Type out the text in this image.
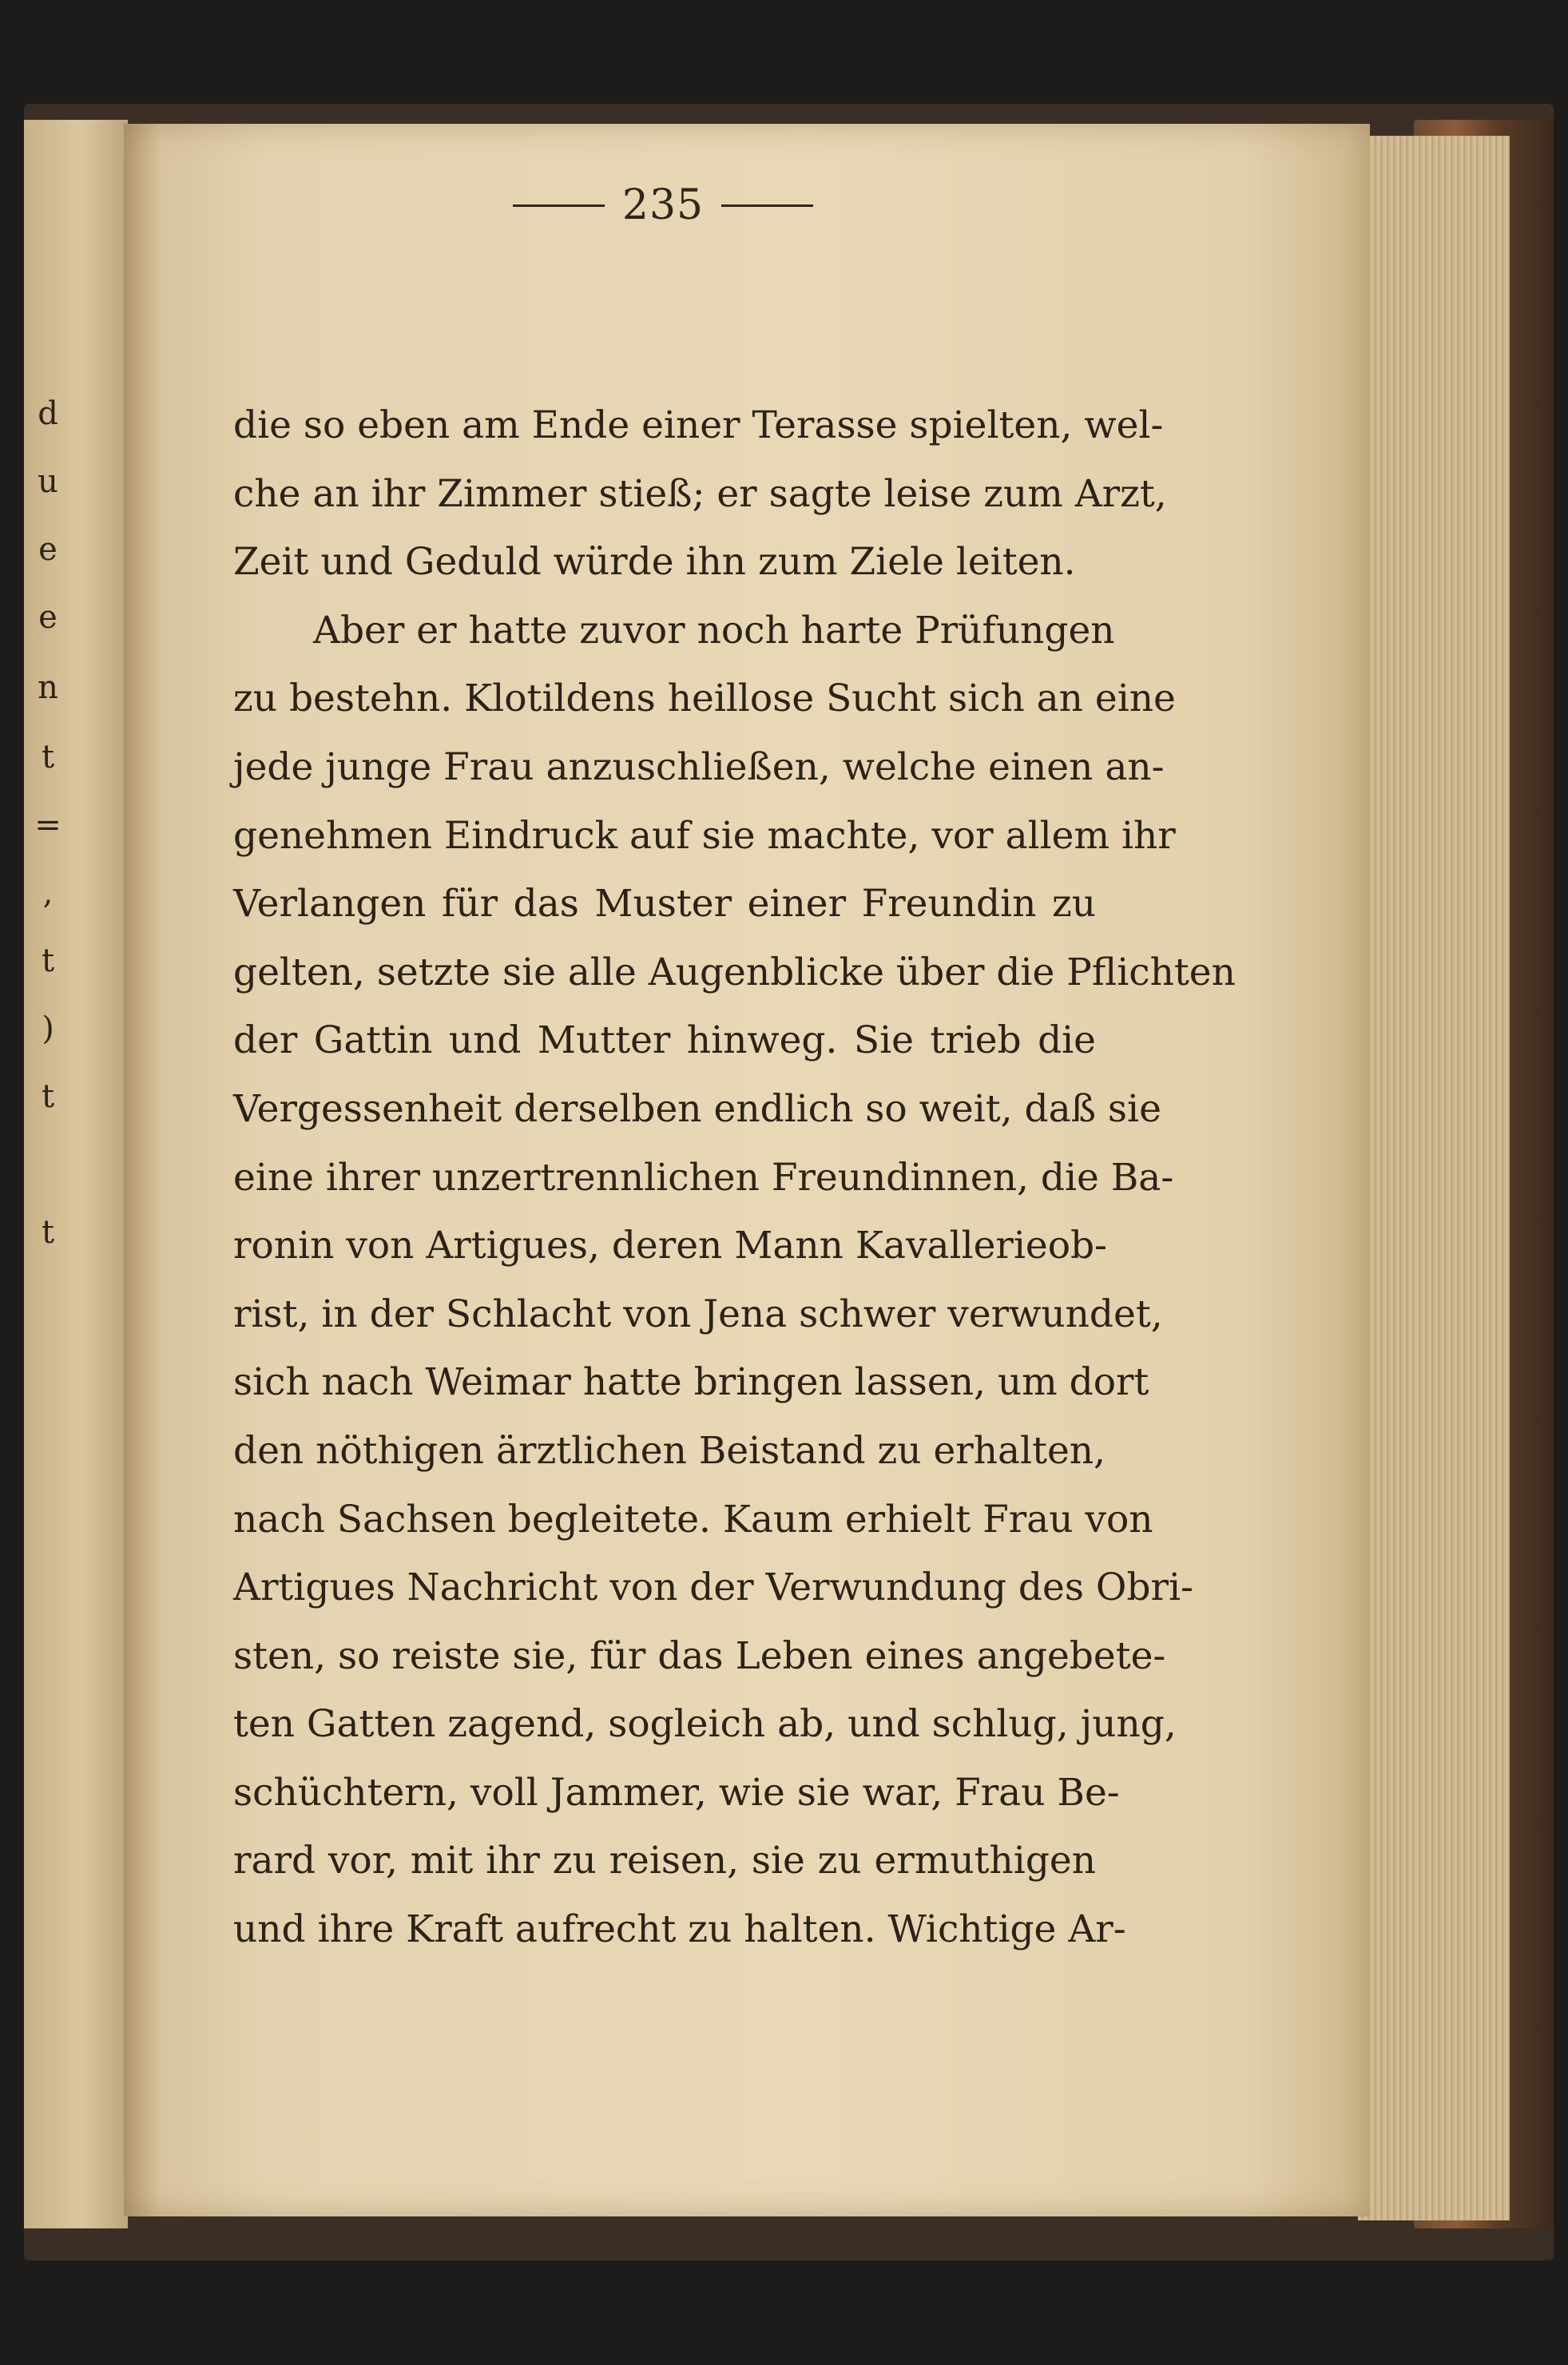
d
u
e
e
n
t
=
,
t
)
t
t
235
die so eben am Ende einer Terasse spielten, wel-
che an ihr Zimmer stieß; er sagte leise zum Arzt,
Zeit und Geduld würde ihn zum Ziele leiten.
Aber er hatte zuvor noch harte Prüfungen
zu bestehn. Klotildens heillose Sucht sich an eine
jede junge Frau anzuschließen, welche einen an-
genehmen Eindruck auf sie machte, vor allem ihr
Verlangen für das Muster einer Freundin zu
gelten, setzte sie alle Augenblicke über die Pflichten
der Gattin und Mutter hinweg. Sie trieb die
Vergessenheit derselben endlich so weit, daß sie
eine ihrer unzertrennlichen Freundinnen, die Ba-
ronin von Artigues, deren Mann Kavallerieob-
rist, in der Schlacht von Jena schwer verwundet,
sich nach Weimar hatte bringen lassen, um dort
den nöthigen ärztlichen Beistand zu erhalten,
nach Sachsen begleitete. Kaum erhielt Frau von
Artigues Nachricht von der Verwundung des Obri-
sten, so reiste sie, für das Leben eines angebete-
ten Gatten zagend, sogleich ab, und schlug, jung,
schüchtern, voll Jammer, wie sie war, Frau Be-
rard vor, mit ihr zu reisen, sie zu ermuthigen
und ihre Kraft aufrecht zu halten. Wichtige Ar-
